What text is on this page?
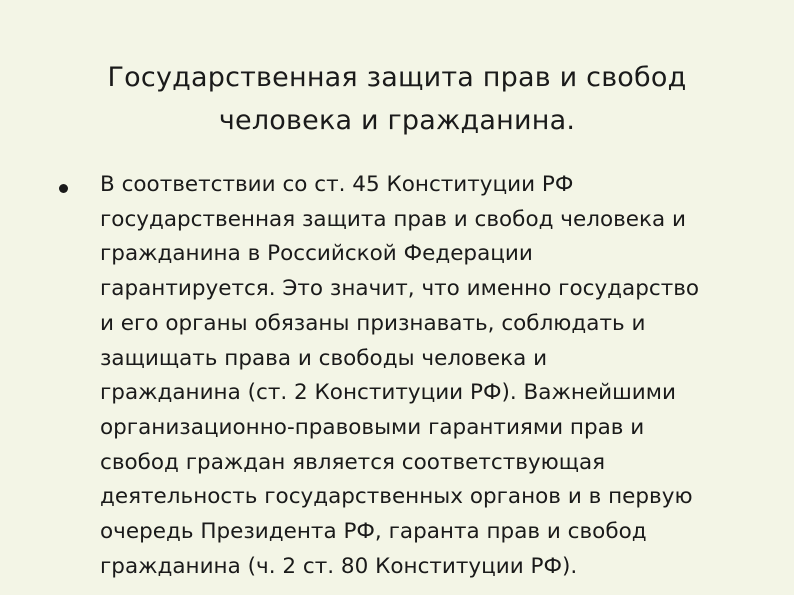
Государственная защита прав и свобод
человека и гражданина.

В соответствии со ст. 45 Конституции РФ
государственная защита прав и свобод человека и
гражданина в Российской Федерации
гарантируется. Это значит, что именно государство
и его органы обязаны признавать, соблюдать и
защищать права и свободы человека и
гражданина (ст. 2 Конституции РФ). Важнейшими
организационно-правовыми гарантиями прав и
свобод граждан является соответствующая
деятельность государственных органов и в первую
очередь Президента РФ, гаранта прав и свобод
гражданина (ч. 2 ст. 80 Конституции РФ).
